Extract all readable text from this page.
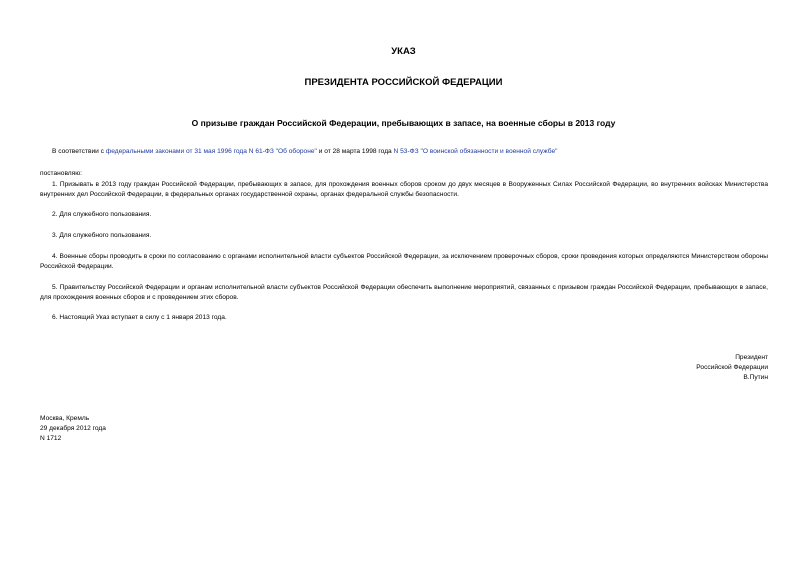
УКАЗ
ПРЕЗИДЕНТА РОССИЙСКОЙ ФЕДЕРАЦИИ
О призыве граждан Российской Федерации, пребывающих в запасе, на военные сборы в 2013 году
В соответствии с федеральными законами от 31 мая 1996 года N 61-ФЗ "Об обороне" и от 28 марта 1998 года N 53-ФЗ "О воинской обязанности и военной службе"
постановляю:
1. Призывать в 2013 году граждан Российской Федерации, пребывающих в запасе, для прохождения военных сборов сроком до двух месяцев в Вооруженных Силах Российской Федерации, во внутренних войсках Министерства внутренних дел Российской Федерации, в федеральных органах государственной охраны, органах федеральной службы безопасности.
2. Для служебного пользования.
3. Для служебного пользования.
4. Военные сборы проводить в сроки по согласованию с органами исполнительной власти субъектов Российской Федерации, за исключением проверочных сборов, сроки проведения которых определяются Министерством обороны Российской Федерации.
5. Правительству Российской Федерации и органам исполнительной власти субъектов Российской Федерации обеспечить выполнение мероприятий, связанных с призывом граждан Российской Федерации, пребывающих в запасе, для прохождения военных сборов и с проведением этих сборов.
6. Настоящий Указ вступает в силу с 1 января 2013 года.
Президент
Российской Федерации
В.Путин
Москва, Кремль
29 декабря 2012 года
N 1712
